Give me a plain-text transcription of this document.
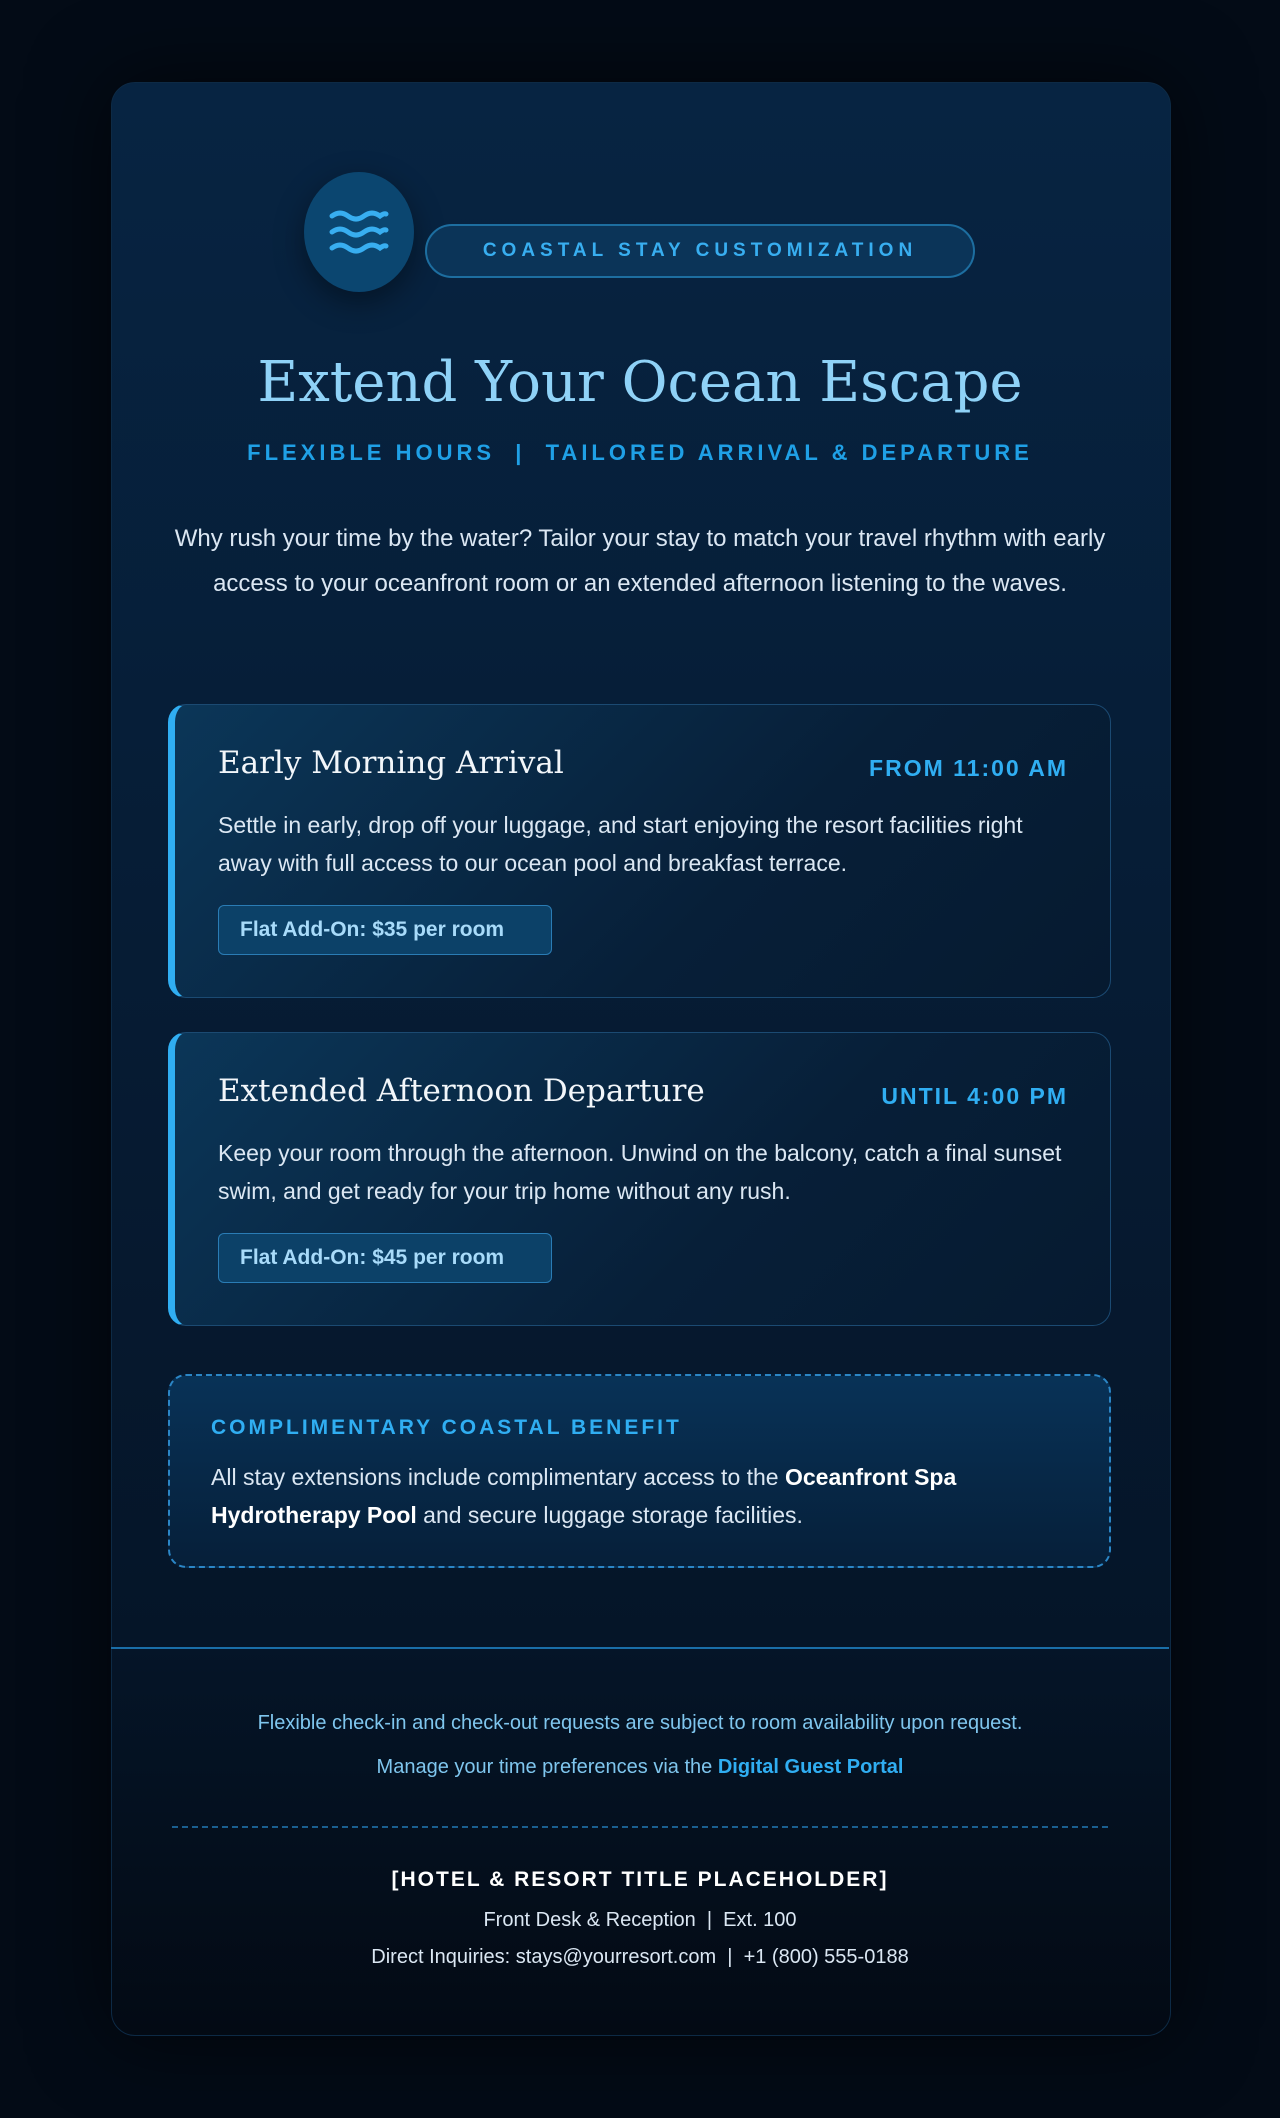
COASTAL STAY CUSTOMIZATION
Extend Your Ocean Escape
FLEXIBLE HOURS  |  TAILORED ARRIVAL & DEPARTURE
Why rush your time by the water? Tailor your stay to match your travel rhythm with early access to your oceanfront room or an extended afternoon listening to the waves.
Early Morning Arrival	FROM 11:00 AM
Settle in early, drop off your luggage, and start enjoying the resort facilities right away with full access to our ocean pool and breakfast terrace.
Flat Add-On: $35 per room
Extended Afternoon Departure	UNTIL 4:00 PM
Keep your room through the afternoon. Unwind on the balcony, catch a final sunset swim, and get ready for your trip home without any rush.
Flat Add-On: $45 per room
COMPLIMENTARY COASTAL BENEFIT
All stay extensions include complimentary access to the Oceanfront Spa Hydrotherapy Pool and secure luggage storage facilities.
Flexible check-in and check-out requests are subject to room availability upon request.
Manage your time preferences via the Digital Guest Portal
[HOTEL & RESORT TITLE PLACEHOLDER]
Front Desk & Reception  |  Ext. 100
Direct Inquiries: stays@yourresort.com  |  +1 (800) 555-0188
